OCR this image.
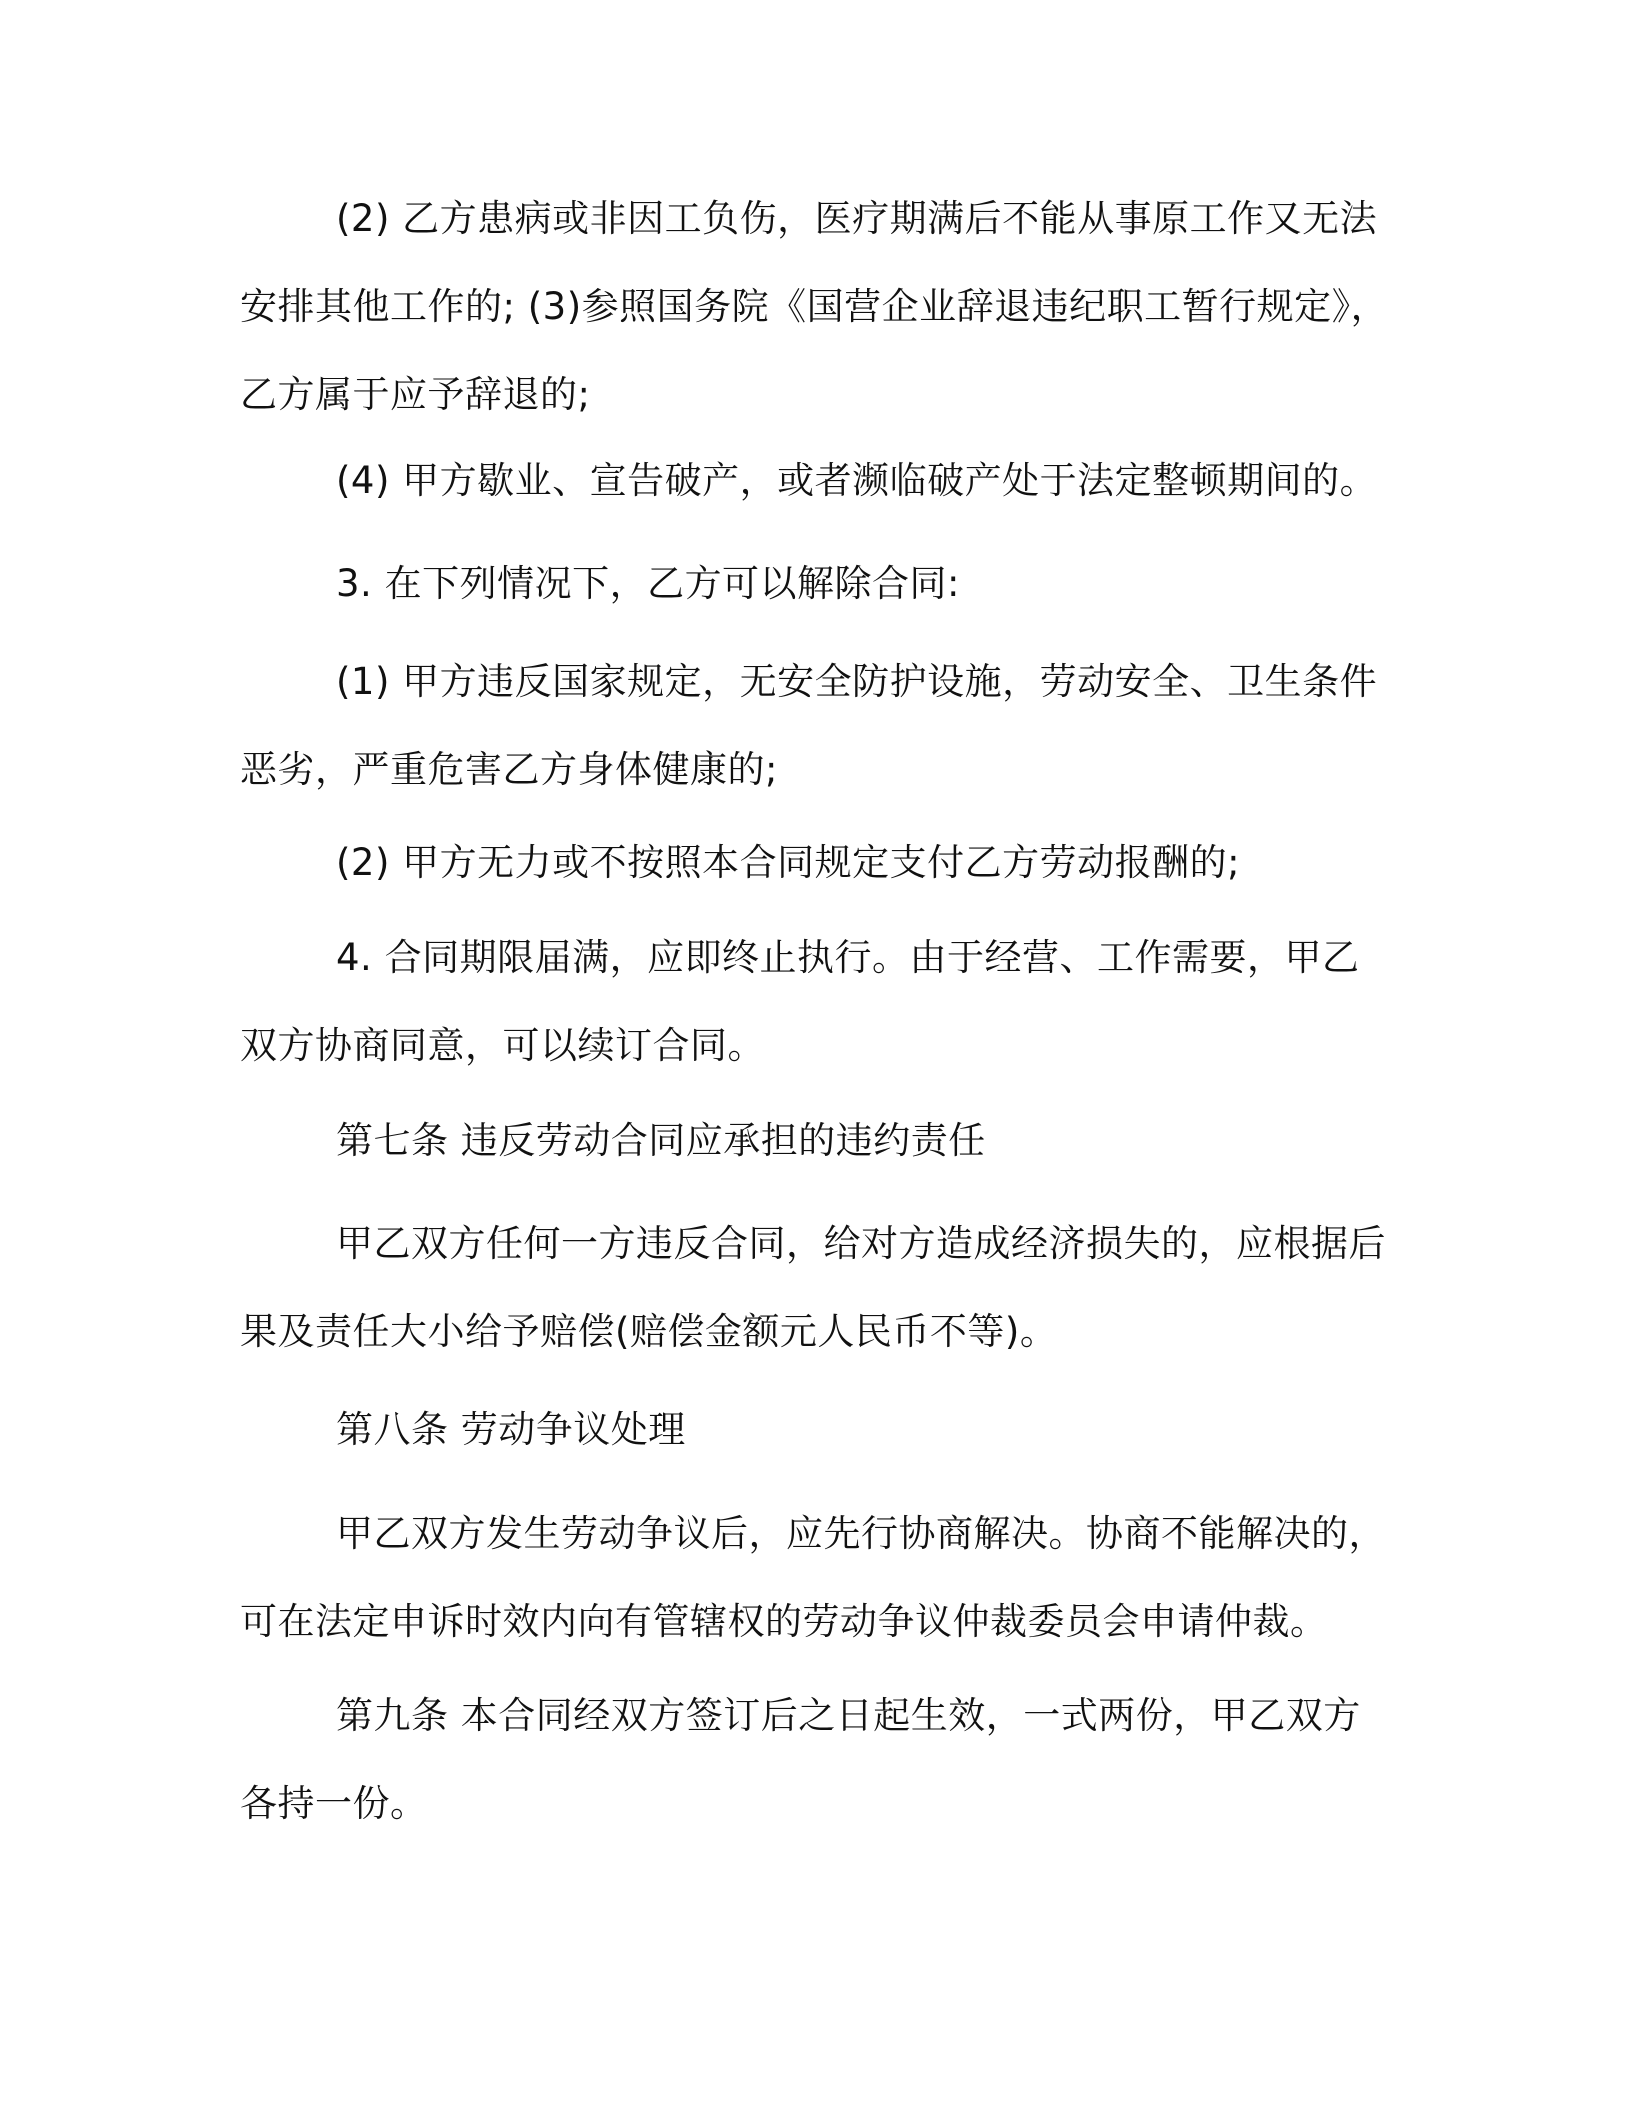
(2) 乙方患病或非因工负伤，医疗期满后不能从事原工作又无法安排其他工作的; (3)参照国务院《国营企业辞退违纪职工暂行规定》，乙方属于应予辞退的;

(4) 甲方歇业、宣告破产，或者濒临破产处于法定整顿期间的。

3. 在下列情况下，乙方可以解除合同:

(1) 甲方违反国家规定，无安全防护设施，劳动安全、卫生条件恶劣，严重危害乙方身体健康的;

(2) 甲方无力或不按照本合同规定支付乙方劳动报酬的;

4. 合同期限届满，应即终止执行。由于经营、工作需要，甲乙双方协商同意，可以续订合同。

第七条 违反劳动合同应承担的违约责任

甲乙双方任何一方违反合同，给对方造成经济损失的，应根据后果及责任大小给予赔偿(赔偿金额元人民币不等)。

第八条 劳动争议处理

甲乙双方发生劳动争议后，应先行协商解决。协商不能解决的，可在法定申诉时效内向有管辖权的劳动争议仲裁委员会申请仲裁。

第九条 本合同经双方签订后之日起生效，一式两份，甲乙双方各持一份。
